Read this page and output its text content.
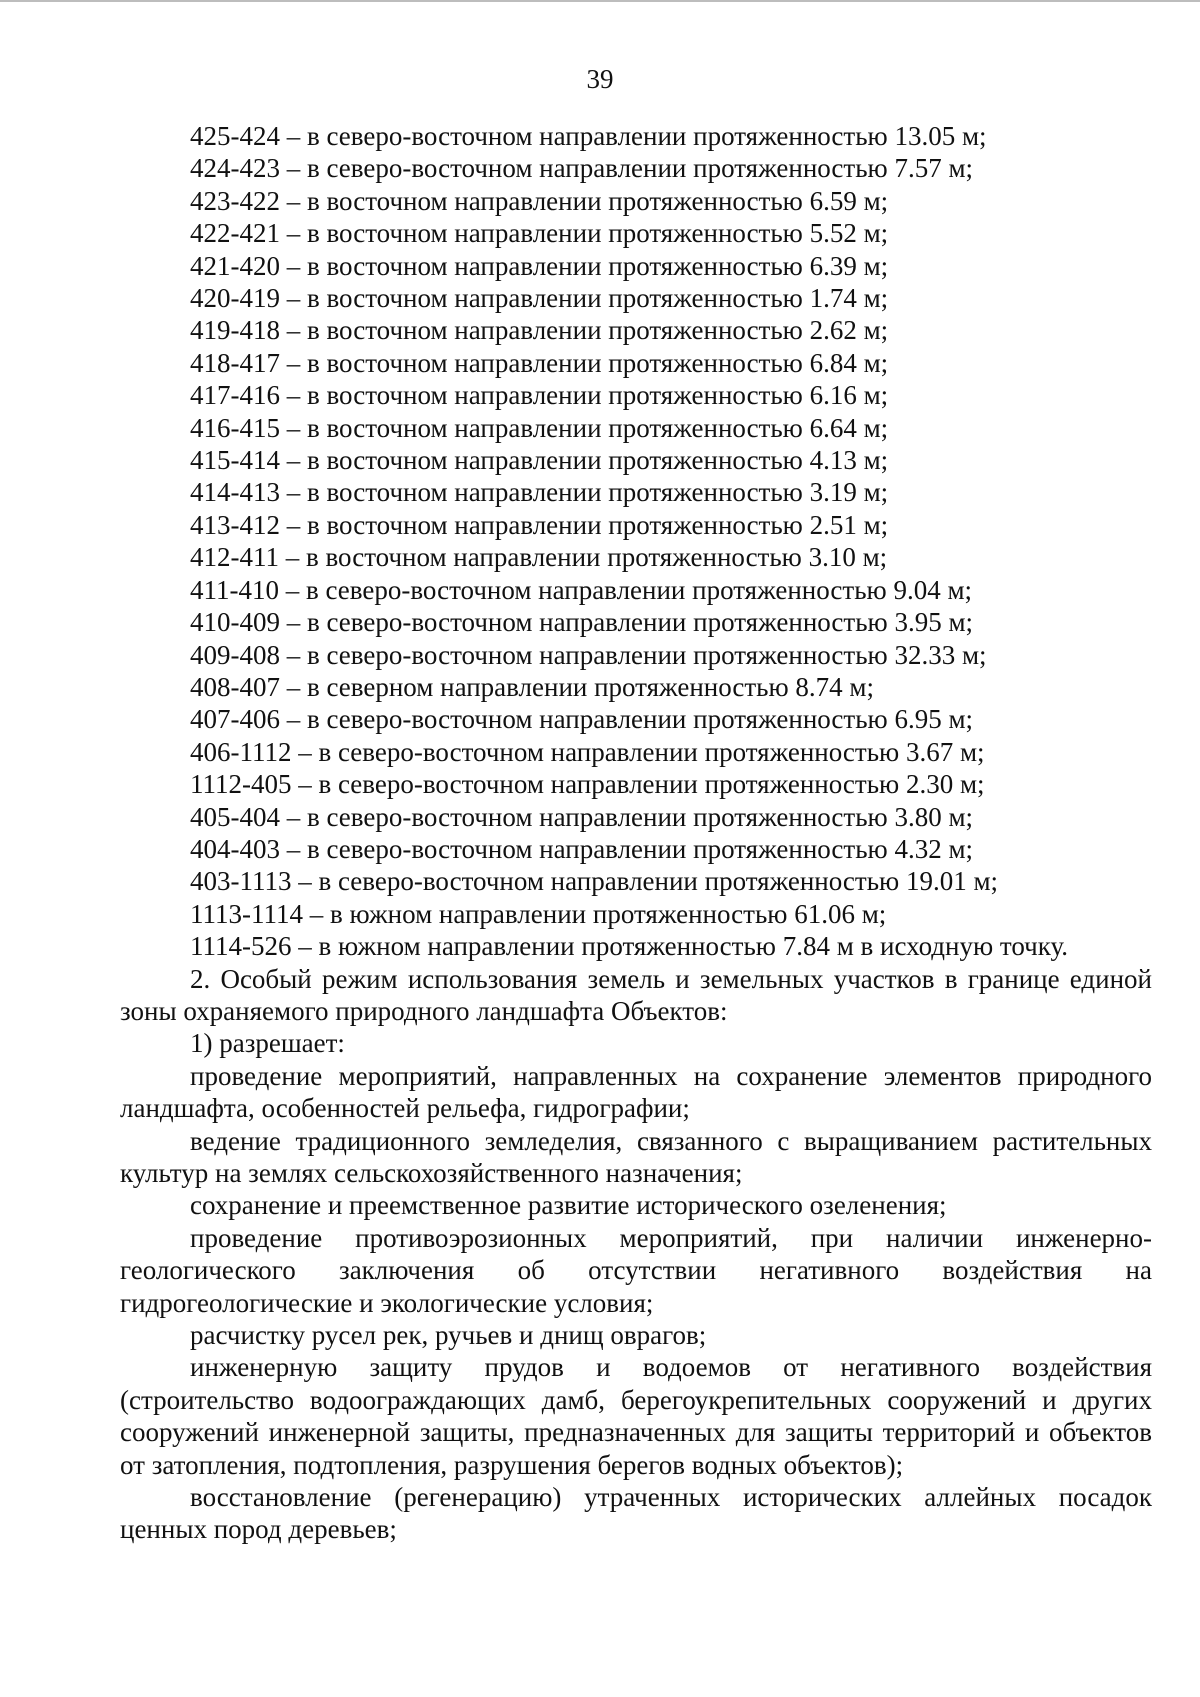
39

425-424 – в северо-восточном направлении протяженностью 13.05 м;

424-423 – в северо-восточном направлении протяженностью 7.57 м;

423-422 – в восточном направлении протяженностью 6.59 м;

422-421 – в восточном направлении протяженностью 5.52 м;

421-420 – в восточном направлении протяженностью 6.39 м;

420-419 – в восточном направлении протяженностью 1.74 м;

419-418 – в восточном направлении протяженностью 2.62 м;

418-417 – в восточном направлении протяженностью 6.84 м;

417-416 – в восточном направлении протяженностью 6.16 м;

416-415 – в восточном направлении протяженностью 6.64 м;

415-414 – в восточном направлении протяженностью 4.13 м;

414-413 – в восточном направлении протяженностью 3.19 м;

413-412 – в восточном направлении протяженностью 2.51 м;

412-411 – в восточном направлении протяженностью 3.10 м;

411-410 – в северо-восточном направлении протяженностью 9.04 м;

410-409 – в северо-восточном направлении протяженностью 3.95 м;

409-408 – в северо-восточном направлении протяженностью 32.33 м;

408-407 – в северном направлении протяженностью 8.74 м;

407-406 – в северо-восточном направлении протяженностью 6.95 м;

406-1112 – в северо-восточном направлении протяженностью 3.67 м;

1112-405 – в северо-восточном направлении протяженностью 2.30 м;

405-404 – в северо-восточном направлении протяженностью 3.80 м;

404-403 – в северо-восточном направлении протяженностью 4.32 м;

403-1113 – в северо-восточном направлении протяженностью 19.01 м;

1113-1114 – в южном направлении протяженностью 61.06 м;

1114-526 – в южном направлении протяженностью 7.84 м в исходную точку.

2. Особый режим использования земель и земельных участков в границе единой зоны охраняемого природного ландшафта Объектов:

1) разрешает:

проведение мероприятий, направленных на сохранение элементов природного ландшафта, особенностей рельефа, гидрографии;

ведение традиционного земледелия, связанного с выращиванием растительных культур на землях сельскохозяйственного назначения;

сохранение и преемственное развитие исторического озеленения;

проведение противоэрозионных мероприятий, при наличии инженерно-геологического заключения об отсутствии негативного воздействия на гидрогеологические и экологические условия;

расчистку русел рек, ручьев и днищ оврагов;

инженерную защиту прудов и водоемов от негативного воздействия (строительство водоограждающих дамб, берегоукрепительных сооружений и других сооружений инженерной защиты, предназначенных для защиты территорий и объектов от затопления, подтопления, разрушения берегов водных объектов);

восстановление (регенерацию) утраченных исторических аллейных посадок ценных пород деревьев;
